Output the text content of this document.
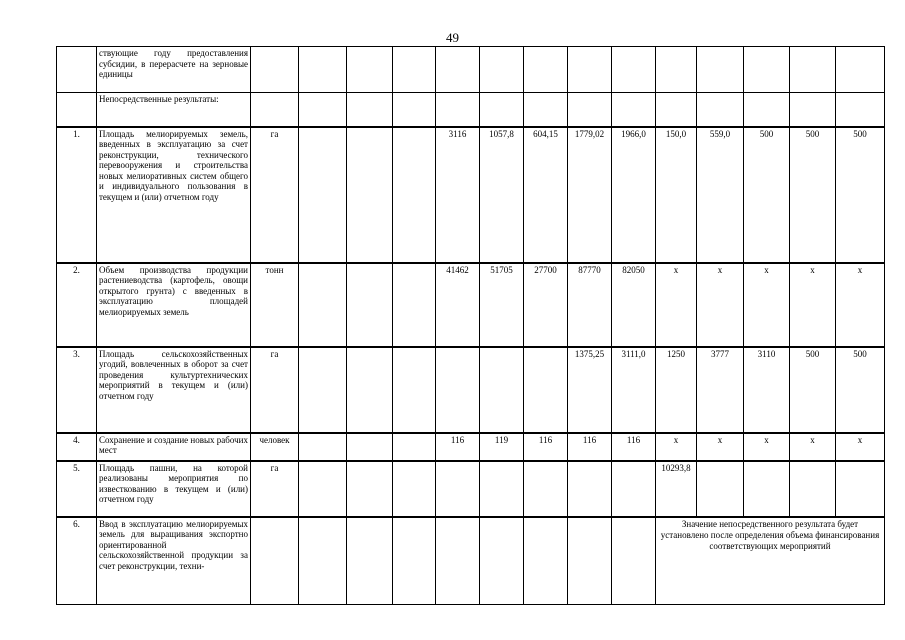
49
	ствующие году предоставления субсидии, в перерасчете на зерновые единицы															
	Непосредственные результаты:															
1.	Площадь мелиорируемых земель, введенных в эксплуатацию за счет реконструкции, технического перевооружения и строительства новых мелиоративных систем общего и индивидуального пользования в текущем и (или) отчетном году	га				3116	1057,8	604,15	1779,02	1966,0	150,0	559,0	500	500	500	
2.	Объем производства продукции растениеводства (картофель, овощи открытого грунта) с введенных в эксплуатацию площадей мелиорируемых земель	тонн				41462	51705	27700	87770	82050	х	х	х	х	х	
3.	Площадь сельскохозяйственных угодий, вовлеченных в оборот за счет проведения культуртехнических мероприятий в текущем и (или) отчетном году	га							1375,25	3111,0	1250	3777	3110	500	500	
4.	Сохранение и создание новых рабочих мест	человек				116	119	116	116	116	х	х	х	х	х	
5.	Площадь пашни, на которой реализованы мероприятия по известкованию в текущем и (или) отчетном году	га									10293,8					
6.	Ввод в эксплуатацию мелиорируемых земель для выращивания экспортно ориентированной сельскохозяйственной продукции за счет реконструкции, техни-										Значение непосредственного результата будет установлено после определения объема финансирования соответствующих мероприятий					
